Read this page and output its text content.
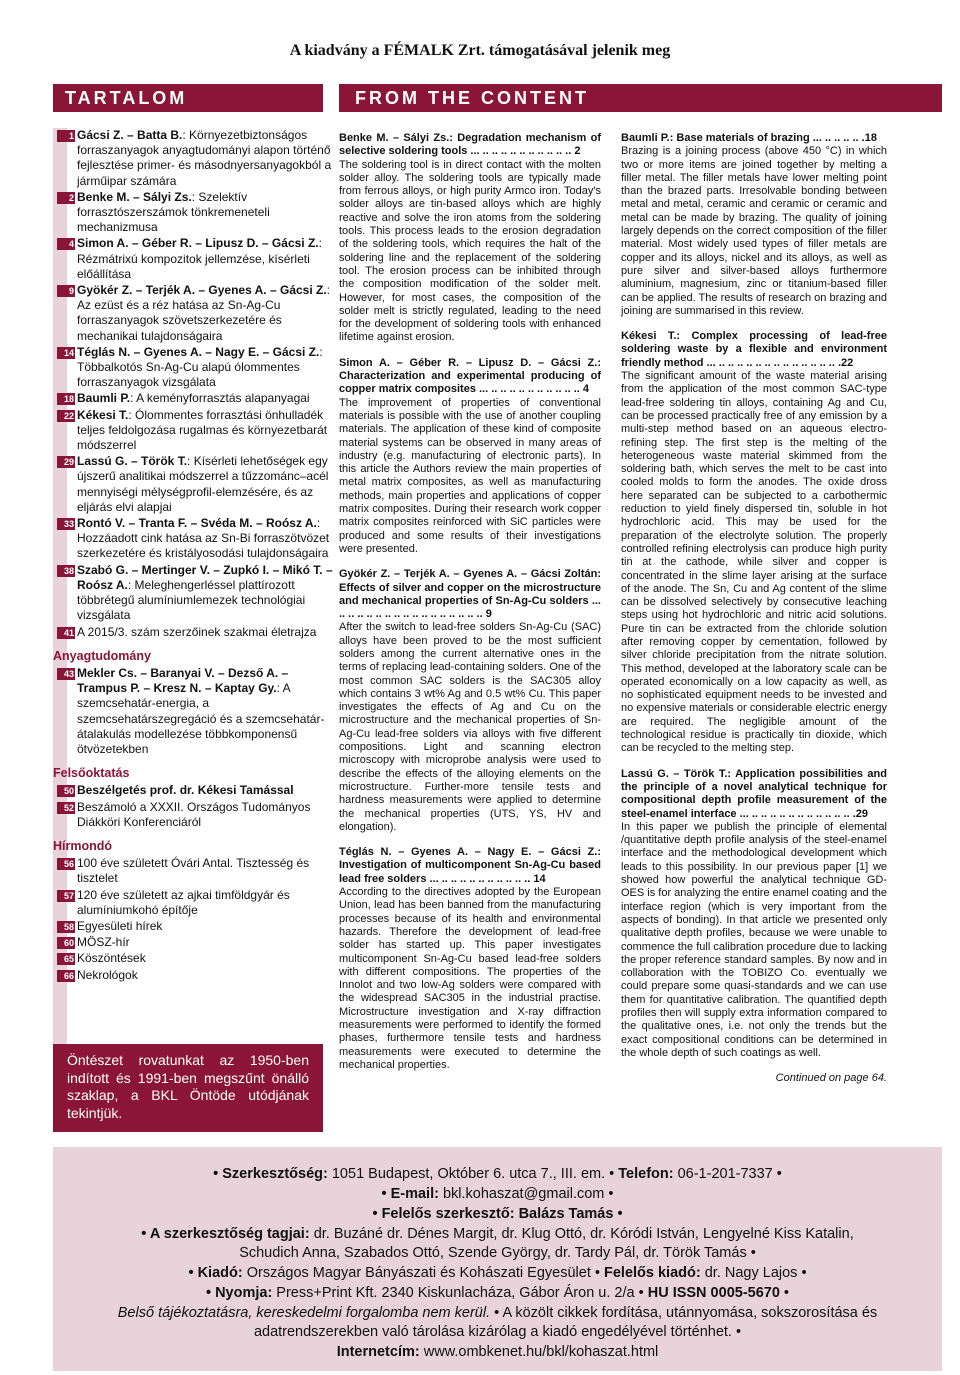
A kiadvány a FÉMALK Zrt. támogatásával jelenik meg
TARTALOM	FROM THE CONTENT
1 Gácsi Z. – Batta B.: Környezetbiztonságos forraszanyagok anyagtudományi alapon történő fejlesztése primer- és másodnyersanyagokból a járműipar számára
2 Benke M. – Sályi Zs.: Szelektív forrasztószerszámok tönkremeneteli mechanizmusa
4 Simon A. – Géber R. – Lipusz D. – Gácsi Z.: Rézmátrixú kompozitok jellemzése, kísérleti előállítása
9 Gyökér Z. – Terjék A. – Gyenes A. – Gácsi Z.: Az ezüst és a réz hatása az Sn-Ag-Cu forraszanyagok szövetszerkezetére és mechanikai tulajdonságaira
14 Téglás N. – Gyenes A. – Nagy E. – Gácsi Z.: Többalkotós Sn-Ag-Cu alapú ólommentes forraszanyagok vizsgálata
18 Baumli P.: A keményforrasztás alapanyagai
22 Kékesi T.: Ólommentes forrasztási önhulladék teljes feldolgozása rugalmas és környezetbarát módszerrel
29 Lassú G. – Török T.: Kísérleti lehetőségek egy újszerű analitikai módszerrel a tűzzománc–acél mennyiségi mélységprofil-elemzésére, és az eljárás elvi alapjai
33 Rontó V. – Tranta F. – Svéda M. – Roósz A.: Hozzáadott cink hatása az Sn-Bi forraszötvözet szerkezetére és kristályosodási tulajdonságaira
38 Szabó G. – Mertinger V. – Zupkó I. – Mikó T. – Roósz A.: Meleghengerléssel plattírozott többrétegű alumíniumlemezek technológiai vizsgálata
41 A 2015/3. szám szerzőinek szakmai életrajza
Anyagtudomány
43 Mekler Cs. – Baranyai V. – Dezső A. – Trampus P. – Kresz N. – Kaptay Gy.: A szemcsehatár-energia, a szemcsehatárszegregáció és a szemcsehatár-átalakulás modellezése többkomponensű ötvözetekben
Felsőoktatás
50 Beszélgetés prof. dr. Kékesi Tamással
52 Beszámoló a XXXII. Országos Tudományos Diákköri Konferenciáról
Hírmondó
56 100 éve született Óvári Antal. Tisztesség és tisztelet
57 120 éve született az ajkai timföldgyár és alumíniumkohó építője
58 Egyesületi hírek
60 MÖSZ-hír
65 Köszöntések
66 Nekrológok
Öntészet rovatunkat az 1950-ben indított és 1991-ben megszűnt önálló szaklap, a BKL Öntöde utódjának tekintjük.
Benke M. – Sályi Zs.: Degradation mechanism of selective soldering tools ... .. .. .. .. .. .. .. .. .. .. 2
The soldering tool is in direct contact with the molten solder alloy. The soldering tools are typically made from ferrous alloys, or high purity Armco iron. Today's solder alloys are tin-based alloys which are highly reactive and solve the iron atoms from the soldering tools. This process leads to the erosion degradation of the soldering tools, which requires the halt of the soldering line and the replacement of the soldering tool. The erosion process can be inhibited through the composition modification of the solder melt. However, for most cases, the composition of the solder melt is strictly regulated, leading to the need for the development of soldering tools with enhanced lifetime against erosion.
Simon A. – Géber R. – Lipusz D. – Gácsi Z.: Characterization and experimental producing of copper matrix composites ... .. .. .. .. .. .. .. .. .. .. 4
The improvement of properties of conventional materials is possible with the use of another coupling materials. The application of these kind of composite material systems can be observed in many areas of industry (e.g. manufacturing of electronic parts). In this article the Authors review the main properties of metal matrix composites, as well as manufacturing methods, main properties and applications of copper matrix composites. During their research work copper matrix composites reinforced with SiC particles were produced and some results of their investigations were presented.
Gyökér Z. – Terjék A. – Gyenes A. – Gácsi Zoltán: Effects of silver and copper on the microstructure and mechanical properties of Sn-Ag-Cu solders ... .. .. .. .. .. .. .. .. .. .. .. .. .. .. .. .. 9
After the switch to lead-free solders Sn-Ag-Cu (SAC) alloys have been proved to be the most sufficient solders among the current alternative ones in the terms of replacing lead-containing solders. One of the most common SAC solders is the SAC305 alloy which contains 3 wt% Ag and 0.5 wt% Cu. This paper investigates the effects of Ag and Cu on the microstructure and the mechanical properties of Sn-Ag-Cu lead-free solders via alloys with five different compositions. Light and scanning electron microscopy with microprobe analysis were used to describe the effects of the alloying elements on the microstructure. Further-more tensile tests and hardness measurements were applied to determine the mechanical properties (UTS, YS, HV and elongation).
Téglás N. – Gyenes A. – Nagy E. – Gácsi Z.: Investigation of multicomponent Sn-Ag-Cu based lead free solders ... .. .. .. .. .. .. .. .. .. .. 14
According to the directives adopted by the European Union, lead has been banned from the manufacturing processes because of its health and environmental hazards. Therefore the development of lead-free solder has started up. This paper investigates multicomponent Sn-Ag-Cu based lead-free solders with different compositions. The properties of the Innolot and two low-Ag solders were compared with the widespread SAC305 in the industrial practise. Microstructure investigation and X-ray diffraction measurements were performed to identify the formed phases, furthermore tensile tests and hardness measurements were executed to determine the mechanical properties.
Baumli P.: Base materials of brazing ... .. .. .. .. .18
Brazing is a joining process (above 450 °C) in which two or more items are joined together by melting a filler metal. The filler metals have lower melting point than the brazed parts. Irresolvable bonding between metal and metal, ceramic and ceramic or ceramic and metal can be made by brazing. The quality of joining largely depends on the correct composition of the filler material. Most widely used types of filler metals are copper and its alloys, nickel and its alloys, as well as pure silver and silver-based alloys furthermore aluminium, magnesium, zinc or titanium-based filler can be applied. The results of research on brazing and joining are summarised in this review.
Kékesi T.: Complex processing of lead-free soldering waste by a flexible and environment friendly method ... .. .. .. .. .. .. .. .. .. .. .. .. .. .22
The significant amount of the waste material arising from the application of the most common SAC-type lead-free soldering tin alloys, containing Ag and Cu, can be processed practically free of any emission by a multi-step method based on an aqueous electro-refining step. The first step is the melting of the heterogeneous waste material skimmed from the soldering bath, which serves the melt to be cast into cooled molds to form the anodes. The oxide dross here separated can be subjected to a carbothermic reduction to yield finely dispersed tin, soluble in hot hydrochloric acid. This may be used for the preparation of the electrolyte solution. The properly controlled refining electrolysis can produce high purity tin at the cathode, while silver and copper is concentrated in the slime layer arising at the surface of the anode. The Sn, Cu and Ag content of the slime can be dissolved selectively by consecutive leaching steps using hot hydrochloric and nitric acid solutions. Pure tin can be extracted from the chloride solution after removing copper by cementation, followed by silver chloride precipitation from the nitrate solution. This method, developed at the laboratory scale can be operated economically on a low capacity as well, as no sophisticated equipment needs to be invested and no expensive materials or considerable electric energy are required. The negligible amount of the technological residue is practically tin dioxide, which can be recycled to the melting step.
Lassú G. – Török T.: Application possibilities and the principle of a novel analytical technique for compositional depth profile measurement of the steel-enamel interface ... .. .. .. .. .. .. .. .. .. .. .. .29
In this paper we publish the principle of elemental /quantitative depth profile analysis of the steel-enamel interface and the methodological development which leads to this possibility. In our previous paper [1] we showed how powerful the analytical technique GD-OES is for analyzing the entire enamel coating and the interface region (which is very important from the aspects of bonding). In that article we presented only qualitative depth profiles, because we were unable to commence the full calibration procedure due to lacking the proper reference standard samples. By now and in collaboration with the TOBIZO Co. eventually we could prepare some quasi-standards and we can use them for quantitative calibration. The quantified depth profiles then will supply extra information compared to the qualitative ones, i.e. not only the trends but the exact compositional conditions can be determined in the whole depth of such coatings as well.
Continued on page 64.
• Szerkesztőség: 1051 Budapest, Október 6. utca 7., III. em. • Telefon: 06-1-201-7337 •
• E-mail: bkl.kohaszat@gmail.com •
• Felelős szerkesztő: Balázs Tamás •
• A szerkesztőség tagjai: dr. Buzáné dr. Dénes Margit, dr. Klug Ottó, dr. Kóródi István, Lengyelné Kiss Katalin,
Schudich Anna, Szabados Ottó, Szende György, dr. Tardy Pál, dr. Török Tamás •
• Kiadó: Országos Magyar Bányászati és Kohászati Egyesület • Felelős kiadó: dr. Nagy Lajos •
• Nyomja: Press+Print Kft. 2340 Kiskunlacháza, Gábor Áron u. 2/a • HU ISSN 0005-5670 •
Belső tájékoztatásra, kereskedelmi forgalomba nem kerül. • A közölt cikkek fordítása, utánnyomása, sokszorosítása és
adatrendszerekben való tárolása kizárólag a kiadó engedélyével történhet. •
Internetcím: www.ombkenet.hu/bkl/kohaszat.html
